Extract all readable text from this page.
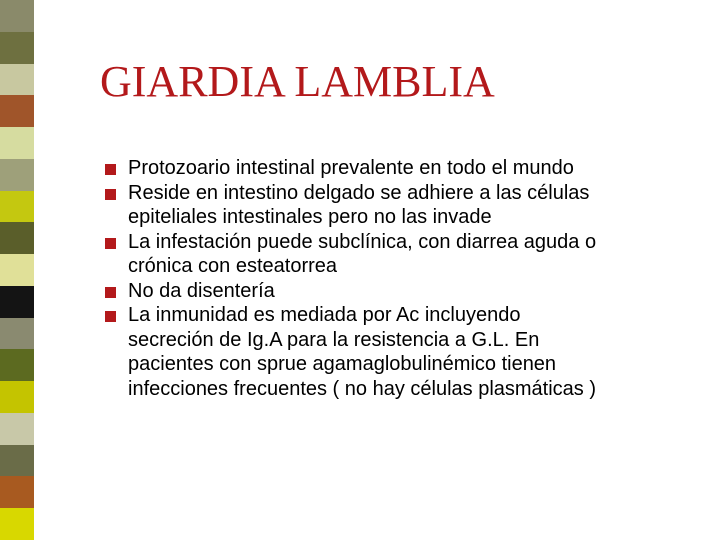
GIARDIA LAMBLIA
Protozoario intestinal prevalente en todo el mundo
Reside en intestino delgado se adhiere a las células
epiteliales intestinales pero no las invade
La infestación puede subclínica, con diarrea aguda o
crónica con esteatorrea
No da disentería
La inmunidad es mediada por Ac incluyendo
secreción de Ig.A para la resistencia a G.L. En
pacientes con sprue agamaglobulinémico tienen
infecciones frecuentes ( no hay células plasmáticas )
